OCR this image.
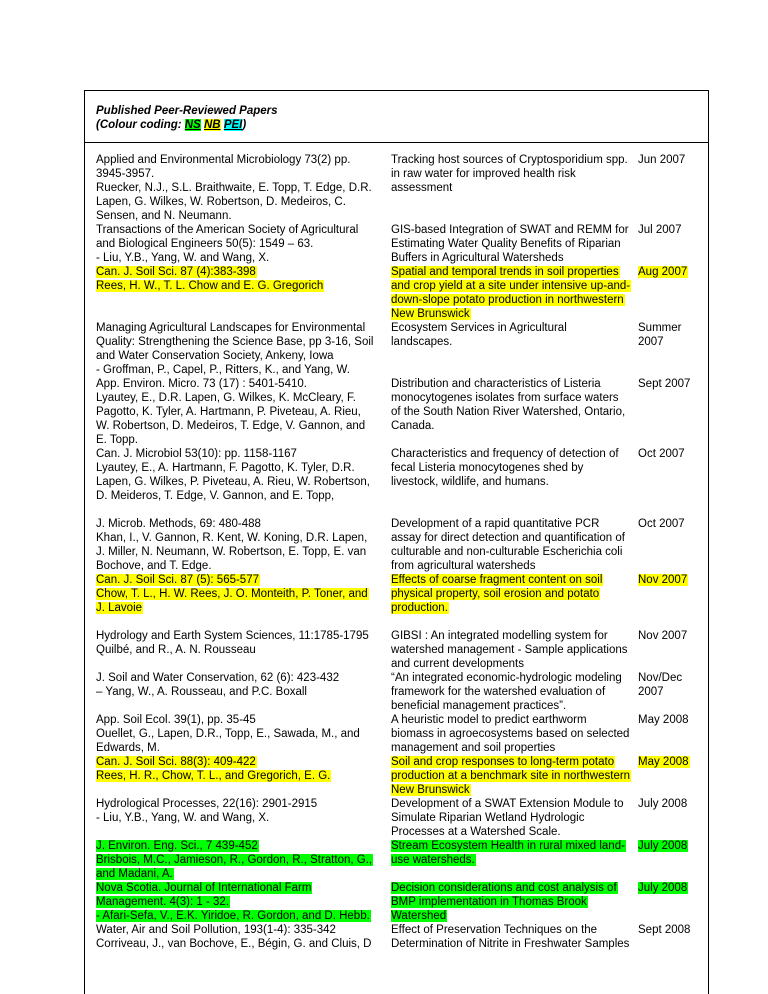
Published Peer-Reviewed Papers
(Colour coding: NS NB PEI)
Applied and Environmental Microbiology 73(2) pp.
3945-3957.
Ruecker, N.J., S.L. Braithwaite, E. Topp, T. Edge, D.R.
Lapen, G. Wilkes, W. Robertson, D. Medeiros, C.
Sensen, and N. Neumann.
Tracking host sources of Cryptosporidium spp.
in raw water for improved health risk
assessment
Jun 2007
Transactions of the American Society of Agricultural
and Biological Engineers 50(5): 1549 – 63.
- Liu, Y.B., Yang, W. and Wang, X.
GIS-based Integration of SWAT and REMM for
Estimating Water Quality Benefits of Riparian
Buffers in Agricultural Watersheds
Jul 2007
Can. J. Soil Sci. 87 (4):383-398
Rees, H. W., T. L. Chow and E. G. Gregorich
Spatial and temporal trends in soil properties
and crop yield at a site under intensive up-and-
down-slope potato production in northwestern
New Brunswick
Aug 2007
Managing Agricultural Landscapes for Environmental
Quality: Strengthening the Science Base, pp 3-16, Soil
and Water Conservation Society, Ankeny, Iowa
- Groffman, P., Capel, P., Ritters, K., and Yang, W.
Ecosystem Services in Agricultural
landscapes.
Summer
2007
App. Environ. Micro. 73 (17) : 5401-5410.
Lyautey, E., D.R. Lapen, G. Wilkes, K. McCleary, F.
Pagotto, K. Tyler, A. Hartmann, P. Piveteau, A. Rieu,
W. Robertson, D. Medeiros, T. Edge, V. Gannon, and
E. Topp.
Distribution and characteristics of Listeria
monocytogenes isolates from surface waters
of the South Nation River Watershed, Ontario,
Canada.
Sept 2007
Can. J. Microbiol 53(10): pp. 1158-1167
Lyautey, E., A. Hartmann, F. Pagotto, K. Tyler, D.R.
Lapen, G. Wilkes, P. Piveteau, A. Rieu, W. Robertson,
D. Meideros, T. Edge, V. Gannon, and E. Topp,
Characteristics and frequency of detection of
fecal Listeria monocytogenes shed by
livestock, wildlife, and humans.
Oct 2007
J. Microb. Methods, 69: 480-488
Khan, I., V. Gannon, R. Kent, W. Koning, D.R. Lapen,
J. Miller, N. Neumann, W. Robertson, E. Topp, E. van
Bochove, and T. Edge.
Development of a rapid quantitative PCR
assay for direct detection and quantification of
culturable and non-culturable Escherichia coli
from agricultural watersheds
Oct 2007
Can. J. Soil Sci. 87 (5): 565-577
Chow, T. L., H. W. Rees, J. O. Monteith, P. Toner, and
J. Lavoie
Effects of coarse fragment content on soil
physical property, soil erosion and potato
production.
Nov 2007
Hydrology and Earth System Sciences, 11:1785-1795
Quilbé, and R., A. N. Rousseau
GIBSI : An integrated modelling system for
watershed management - Sample applications
and current developments
Nov 2007
J. Soil and Water Conservation, 62 (6): 423-432
– Yang, W., A. Rousseau, and P.C. Boxall
“An integrated economic-hydrologic modeling
framework for the watershed evaluation of
beneficial management practices”.
Nov/Dec
2007
App. Soil Ecol. 39(1), pp. 35-45
Ouellet, G., Lapen, D.R., Topp, E., Sawada, M., and
Edwards, M.
A heuristic model to predict earthworm
biomass in agroecosystems based on selected
management and soil properties
May 2008
Can. J. Soil Sci. 88(3): 409-422
Rees, H. R., Chow, T. L., and Gregorich, E. G.
Soil and crop responses to long-term potato
production at a benchmark site in northwestern
New Brunswick
May 2008
Hydrological Processes, 22(16): 2901-2915
- Liu, Y.B., Yang, W. and Wang, X.
Development of a SWAT Extension Module to
Simulate Riparian Wetland Hydrologic
Processes at a Watershed Scale.
July 2008
J. Environ. Eng. Sci., 7 439-452
Brisbois, M.C., Jamieson, R., Gordon, R., Stratton, G.,
and Madani, A.
Stream Ecosystem Health in rural mixed land-
use watersheds.
July 2008
Nova Scotia. Journal of International Farm
Management. 4(3): 1 - 32.
- Afari-Sefa, V., E.K. Yiridoe, R. Gordon, and D. Hebb.
Decision considerations and cost analysis of
BMP implementation in Thomas Brook
Watershed
July 2008
Water, Air and Soil Pollution, 193(1-4): 335-342
Corriveau, J., van Bochove, E., Bégin, G. and Cluis, D
Effect of Preservation Techniques on the
Determination of Nitrite in Freshwater Samples
Sept 2008
